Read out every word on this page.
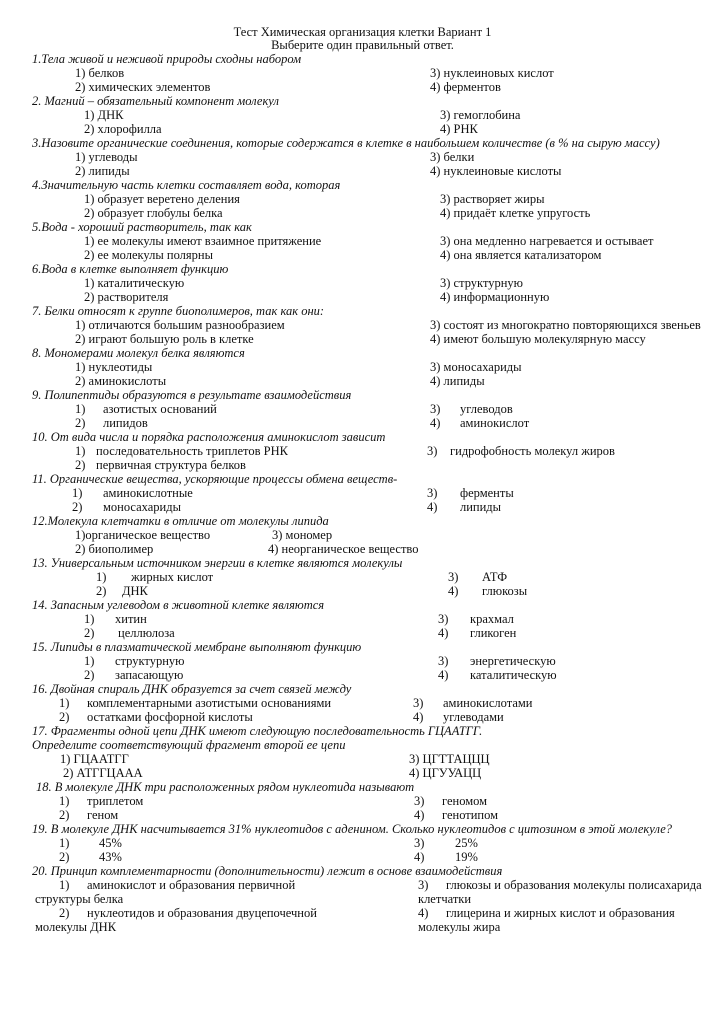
Тест Химическая организация клетки Вариант 1
Выберите один правильный ответ.
1.Тела живой и неживой природы сходны набором
1) белков	3) нуклеиновых кислот
2) химических элементов	4) ферментов
2. Магний – обязательный компонент молекул
1) ДНК	3) гемоглобина
2) хлорофилла	4) РНК
3.Назовите органические соединения, которые содержатся в клетке в наибольшем количестве (в % на сырую массу)
1) углеводы	3) белки
2) липиды	4) нуклеиновые кислоты
4.Значительную часть клетки составляет вода, которая
1) образует веретено деления	3) растворяет жиры
2) образует глобулы белка	4) придаёт клетке упругость
5.Вода - хороший растворитель, так как
1) ее молекулы имеют взаимное притяжение	3) она медленно нагревается и остывает
2) ее молекулы полярны	4) она является катализатором
6.Вода в клетке выполняет функцию
1) каталитическую	3) структурную
2) растворителя	4) информационную
7. Белки относят к группе биополимеров, так как они:
1) отличаются большим разнообразием	3) состоят из многократно повторяющихся звеньев
2) играют большую роль в клетке	4) имеют большую молекулярную массу
8. Мономерами молекул белка являются
1) нуклеотиды	3) моносахариды
2) аминокислоты	4) липиды
9. Полипептиды образуются в результате взаимодействия
1) азотистых оснований	3) углеводов
2) липидов	4) аминокислот
10. От вида числа и порядка расположения аминокислот зависит
1) последовательность триплетов РНК	3) гидрофобность молекул жиров
2) первичная структура белков
11. Органические вещества, ускоряющие процессы обмена веществ-
1) аминокислотные	3) ферменты
2) моносахариды	4) липиды
12.Молекула клетчатки в отличие от молекулы липида
1)органическое вещество	3) мономер
2) биополимер	4) неорганическое вещество
13. Универсальным источником энергии в клетке являются молекулы
1) жирных кислот	3) АТФ
2) ДНК	4) глюкозы
14. Запасным углеводом в животной клетке являются
1) хитин	3) крахмал
2) целлюлоза	4) гликоген
15. Липиды в плазматической мембране выполняют функцию
1) структурную	3) энергетическую
2) запасающую	4) каталитическую
16. Двойная спираль ДНК образуется за счет связей между
1) комплементарными азотистыми основаниями	3) аминокислотами
2) остатками фосфорной кислоты	4) углеводами
17. Фрагменты одной цепи ДНК имеют следующую последовательность ГЦААТГГ.
Определите соответствующий фрагмент второй ее цепи
1) ГЦААТГГ	3) ЦГТТАЦЦЦ
2) АТГГЦААА	4) ЦГУУАЦЦ
18. В молекуле ДНК три расположенных рядом нуклеотида называют
1) триплетом	3) геномом
2) геном	4) генотипом
19. В молекуле ДНК насчитывается 31% нуклеотидов с аденином. Сколько нуклеотидов с цитозином в этой молекуле?
1) 45%	3) 25%
2) 43%	4) 19%
20. Принцип комплементарности (дополнительности) лежит в основе взаимодействия
1) аминокислот и образования первичной	3) глюкозы и образования молекулы полисахарида
структуры белка	клетчатки
2) нуклеотидов и образования двуцепочечной	4) глицерина и жирных кислот и образования
молекулы ДНК	молекулы жира
